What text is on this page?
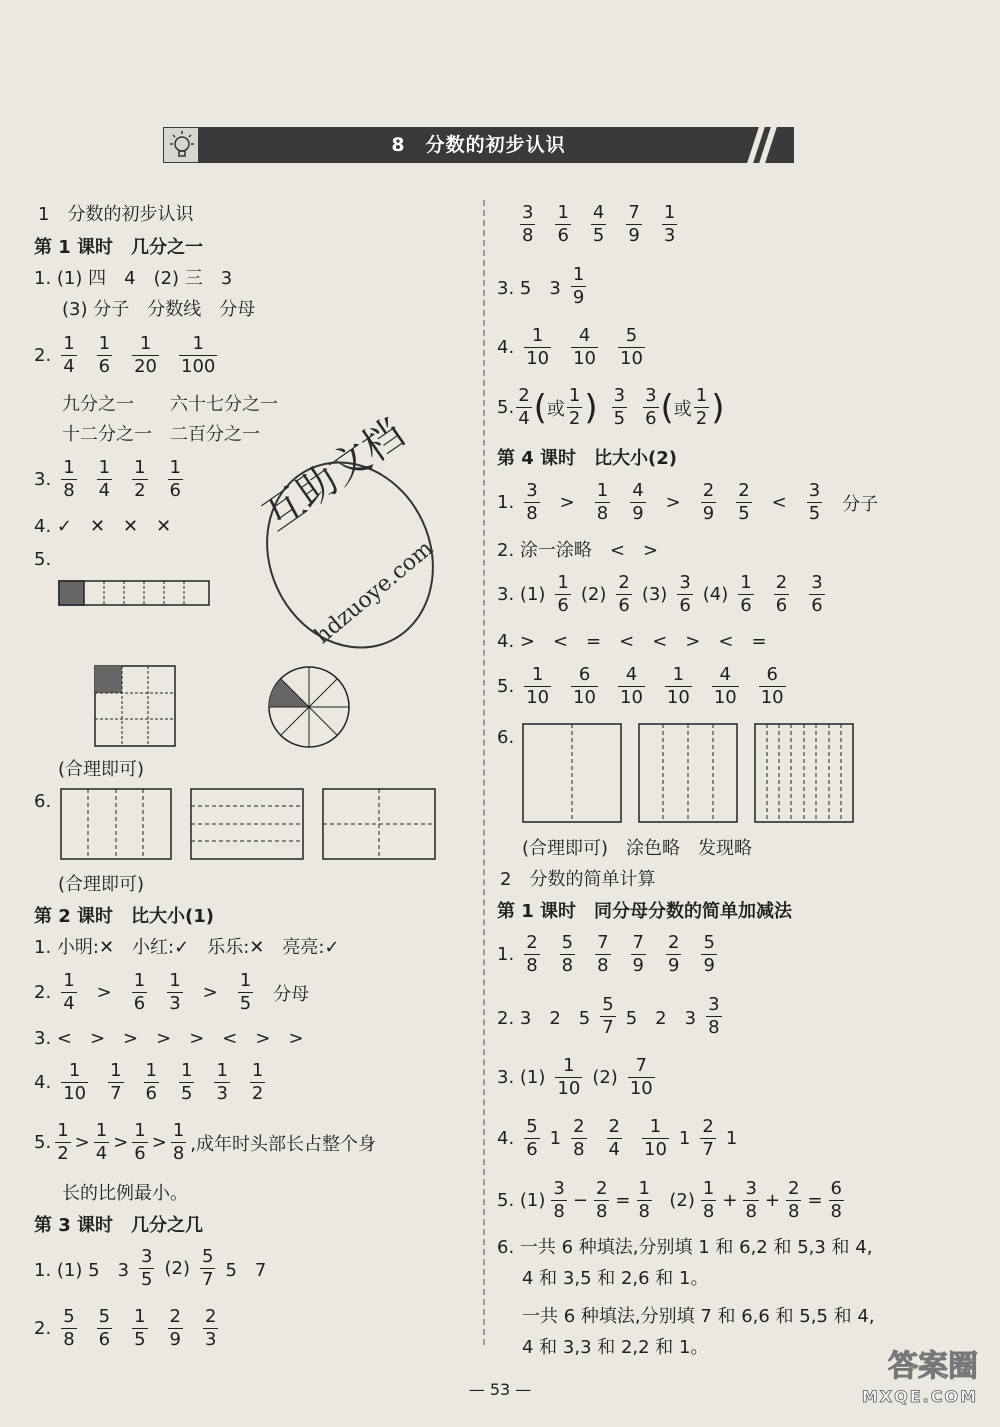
8　分数的初步认识
1　分数的初步认识
第 1 课时　几分之一
1. (1) 四　4　(2) 三　3
(3) 分子　分数线　分母
2.
1
4
1
6
1
20
1
100
九分之一　　六十七分之一
十二分之一　二百分之一
3.
1
8
1
4
1
2
1
6
4. ✓　✕　✕　✕
5.
(合理即可)
6.
(合理即可)
第 2 课时　比大小(1)
1. 小明:✕　小红:✓　乐乐:✕　亮亮:✓
2.
1
4
>
1
6
1
3
>
1
5 分母
3. <　>　>　>　>　<　>　>
4.
1
10
1
7
1
6
1
5
1
3
1
2
5.
1
2
>
1
4
>
1
6
>
1
8 ,成年时头部长占整个身
长的比例最小。
第 3 课时　几分之几
1. (1) 5　3
3
5
(2)
5
7 5　7
2.
5
8
5
6
1
5
2
9
2
3
互助文档
hdzuoye.com
3
8
1
6
4
5
7
9
1
3
3. 5　3
1
9
4.
1
10
4
10
5
10
5.
2
4 ( 或
1
2 ) 3
5
3
6 ( 或
1
2 )
第 4 课时　比大小(2)
1.
3
8
>
1
8
4
9
>
2
9
2
5
<
3
5 分子
2. 涂一涂略　<　>
3.
(1)
1
6
(2)
2
6
(3)
3
6
(4)
1
6
2
6
3
6
4. >　<　=　<　<　>　<　=
5.
1
10
6
10
4
10
1
10
4
10
6
10
6.
(合理即可)　涂色略　发现略
2　分数的简单计算
第 1 课时　同分母分数的简单加减法
1.
2
8
5
8
7
8
7
9
2
9
5
9
2. 3　2　5
5
7 5　2　3
3
8
3. (1)
1
10
(2)
7
10
4.
5
6
1
2
8
2
4
1
10
1
2
7
1
5. (1)
3
8
− $\frac{2}{8} = \frac{1}{8}$
(2)
1
8
+ $\frac{3}{8} + \frac{2}{8} = \frac{6}{8}$
6. 一共 6 种填法,分别填 1 和 6,2 和 5,3 和 4,
4 和 3,5 和 2,6 和 1。
一共 6 种填法,分别填 7 和 6,6 和 5,5 和 4,
4 和 3,3 和 2,2 和 1。
— 53 —
答案圈
MXQE.COM
